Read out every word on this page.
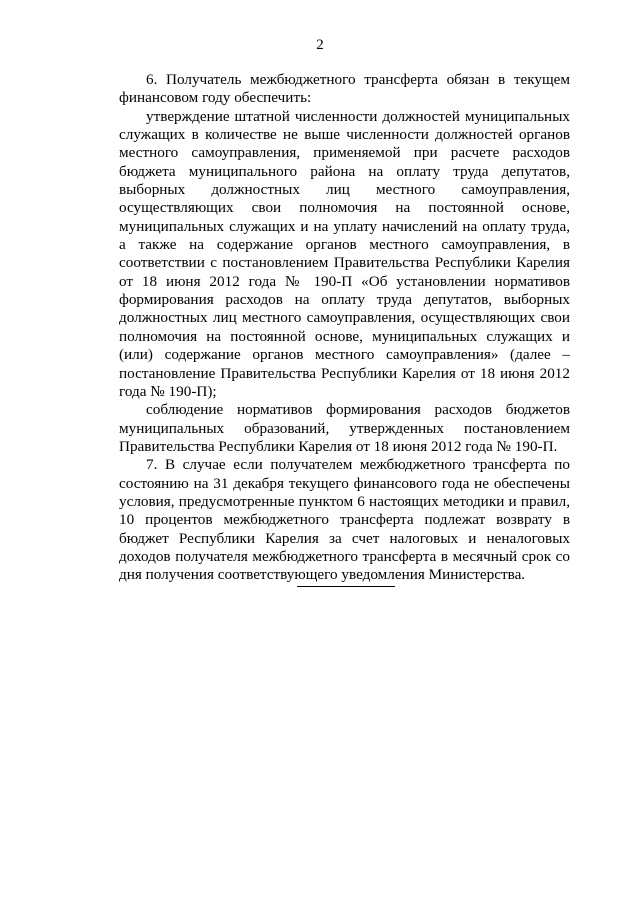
2

6. Получатель межбюджетного трансферта обязан в текущем финансовом году обеспечить:

утверждение штатной численности должностей муниципальных служащих в количестве не выше численности должностей органов местного самоуправления, применяемой при расчете расходов бюджета муниципального района на оплату труда депутатов, выборных должностных лиц местного самоуправления, осуществляющих свои полномочия на постоянной основе, муниципальных служащих и на уплату начислений на оплату труда, а также на содержание органов местного самоуправления, в соответствии с постановлением Правительства Республики Карелия от 18 июня 2012 года № 190-П «Об установлении нормативов формирования расходов на оплату труда депутатов, выборных должностных лиц местного самоуправления, осуществляющих свои полномочия на постоянной основе, муниципальных служащих и (или) содержание органов местного самоуправления» (далее – постановление Правительства Республики Карелия от 18 июня 2012 года № 190-П);

соблюдение нормативов формирования расходов бюджетов муниципальных образований, утвержденных постановлением Правительства Республики Карелия от 18 июня 2012 года № 190-П.

7. В случае если получателем межбюджетного трансферта по состоянию на 31 декабря текущего финансового года не обеспечены условия, предусмотренные пунктом 6 настоящих методики и правил, 10 процентов межбюджетного трансферта подлежат возврату в бюджет Республики Карелия за счет налоговых и неналоговых доходов получателя межбюджетного трансферта в месячный срок со дня получения соответствующего уведомления Министерства.
